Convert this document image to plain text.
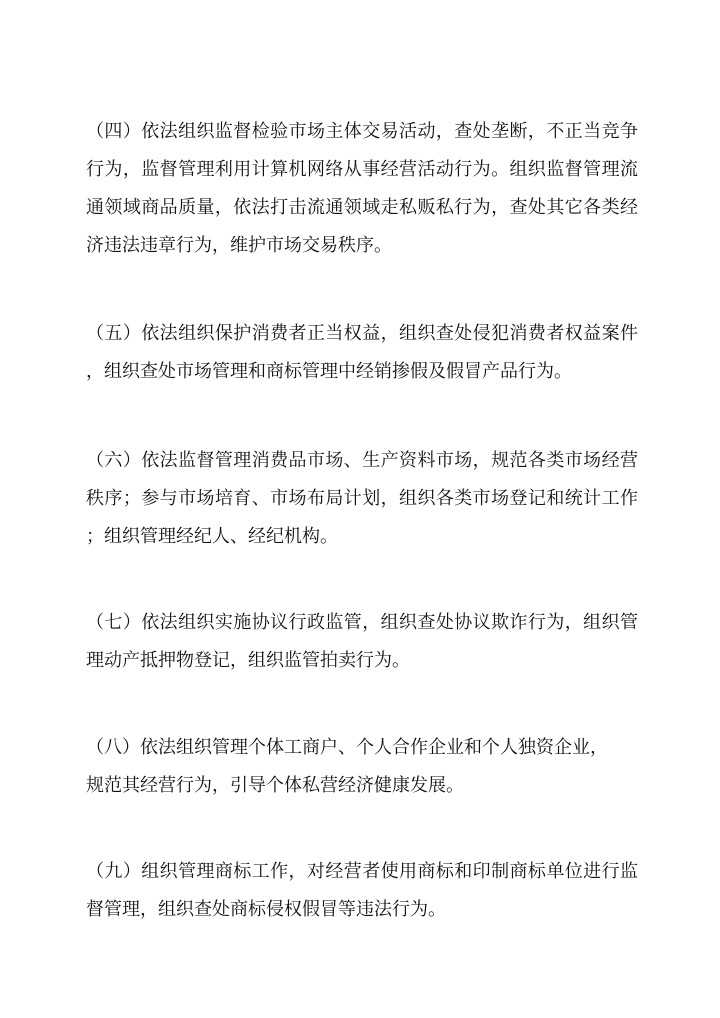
（四）依法组织监督检验市场主体交易活动，查处垄断，不正当竞争
行为，监督管理利用计算机网络从事经营活动行为。组织监督管理流
通领域商品质量，依法打击流通领域走私贩私行为，查处其它各类经
济违法违章行为，维护市场交易秩序。
（五）依法组织保护消费者正当权益，组织查处侵犯消费者权益案件
，组织查处市场管理和商标管理中经销掺假及假冒产品行为。
（六）依法监督管理消费品市场、生产资料市场，规范各类市场经营
秩序；参与市场培育、市场布局计划，组织各类市场登记和统计工作
；组织管理经纪人、经纪机构。
（七）依法组织实施协议行政监管，组织查处协议欺诈行为，组织管
理动产抵押物登记，组织监管拍卖行为。
（八）依法组织管理个体工商户、个人合作企业和个人独资企业，
规范其经营行为，引导个体私营经济健康发展。
（九）组织管理商标工作，对经营者使用商标和印制商标单位进行监
督管理，组织查处商标侵权假冒等违法行为。
